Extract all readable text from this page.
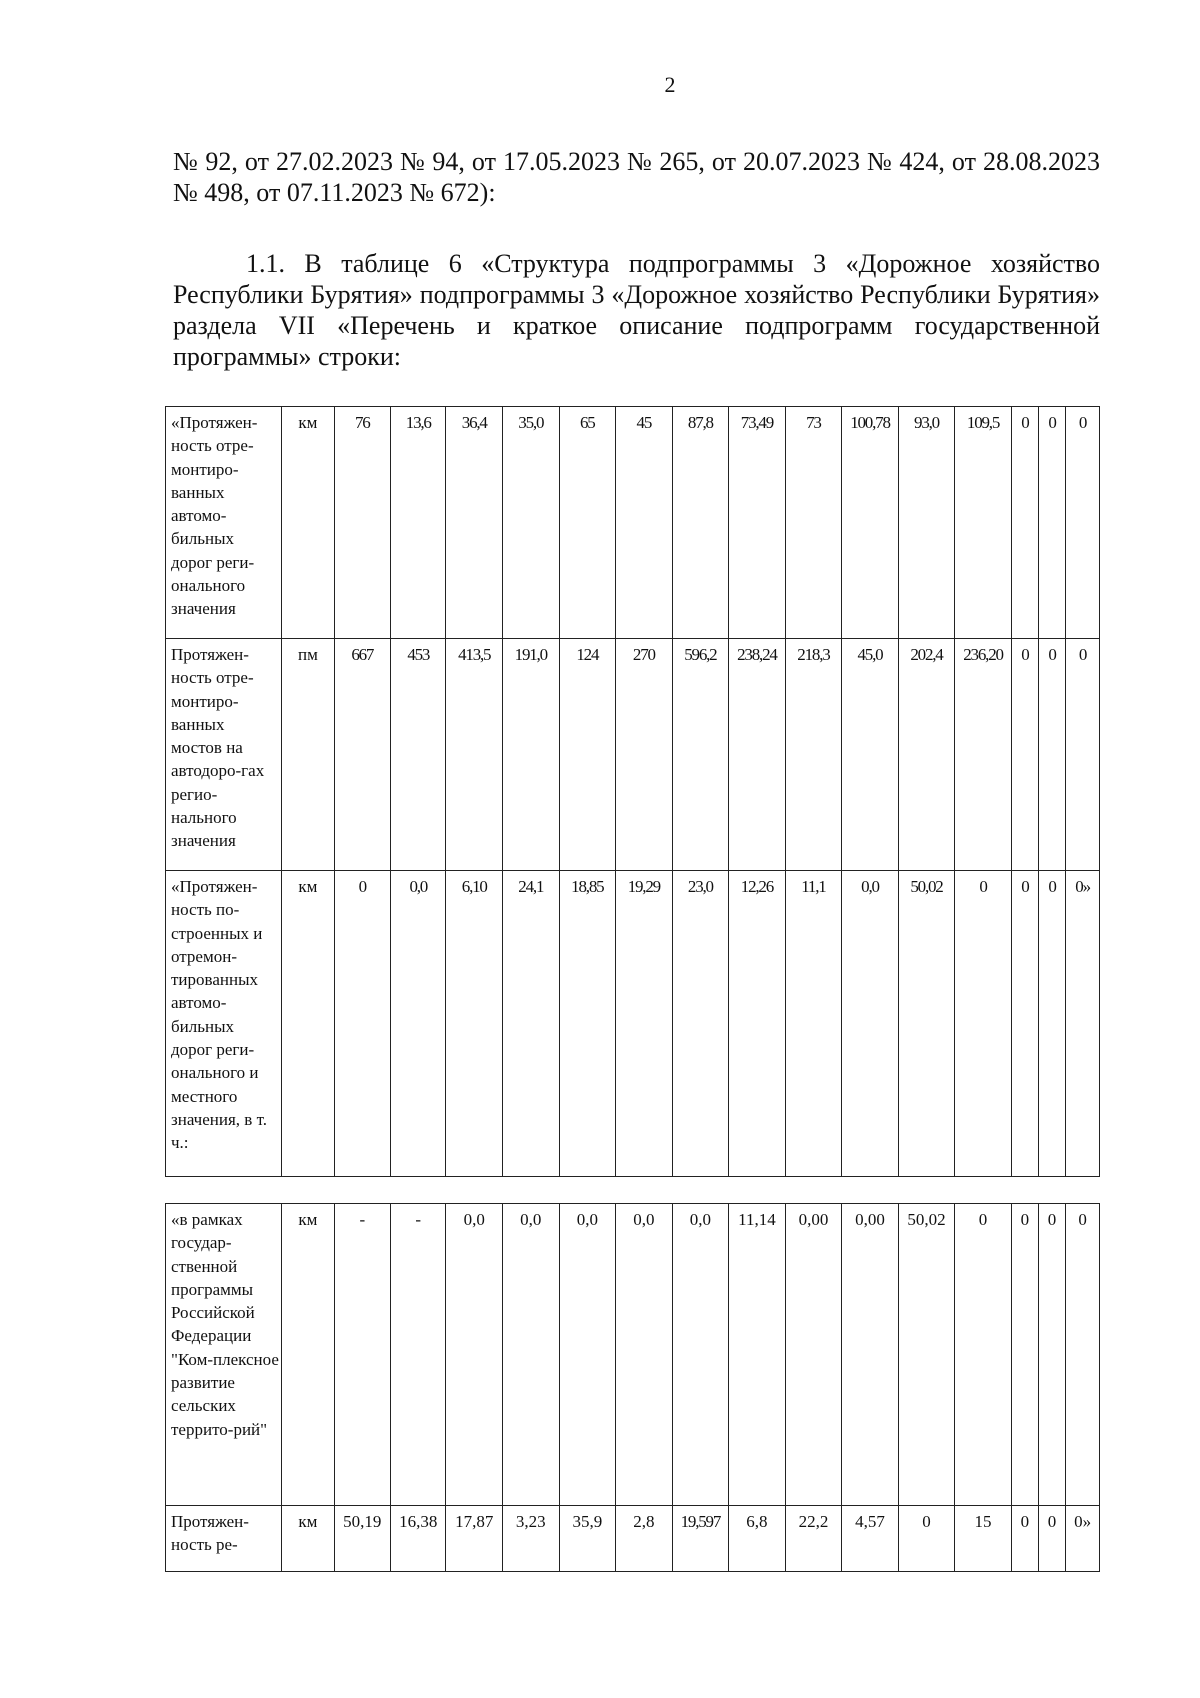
2

№ 92, от 27.02.2023 № 94, от 17.05.2023 № 265, от 20.07.2023 № 424, от 28.08.2023 № 498, от 07.11.2023 № 672):

1.1. В таблице 6 «Структура подпрограммы 3 «Дорожное хозяйство Республики Бурятия» подпрограммы 3 «Дорожное хозяйство Республики Бурятия» раздела VII «Перечень и краткое описание подпрограмм государственной программы» строки:

«Протяжен-ность отре-монтиро-ванных автомо-бильных дорог реги-онального значения	км	76	13,6	36,4	35,0	65	45	87,8	73,49	73	100,78	93,0	109,5	0	0	0
Протяжен-ность отре-монтиро-ванных мостов на автодоро-гах регио-нального значения	пм	667	453	413,5	191,0	124	270	596,2	238,24	218,3	45,0	202,4	236,20	0	0	0
«Протяжен-ность по-строенных и отремон-тированных автомо-бильных дорог реги-онального и местного значения, в т. ч.:	км	0	0,0	6,10	24,1	18,85	19,29	23,0	12,26	11,1	0,0	50,02	0	0	0	0»
«в рамках государ-ственной программы Российской Федерации "Ком-плексное развитие сельских террито-рий"	км	-	-	0,0	0,0	0,0	0,0	0,0	11,14	0,00	0,00	50,02	0	0	0	0
Протяжен-ность ре-	км	50,19	16,38	17,87	3,23	35,9	2,8	19,597	6,8	22,2	4,57	0	15	0	0	0»
